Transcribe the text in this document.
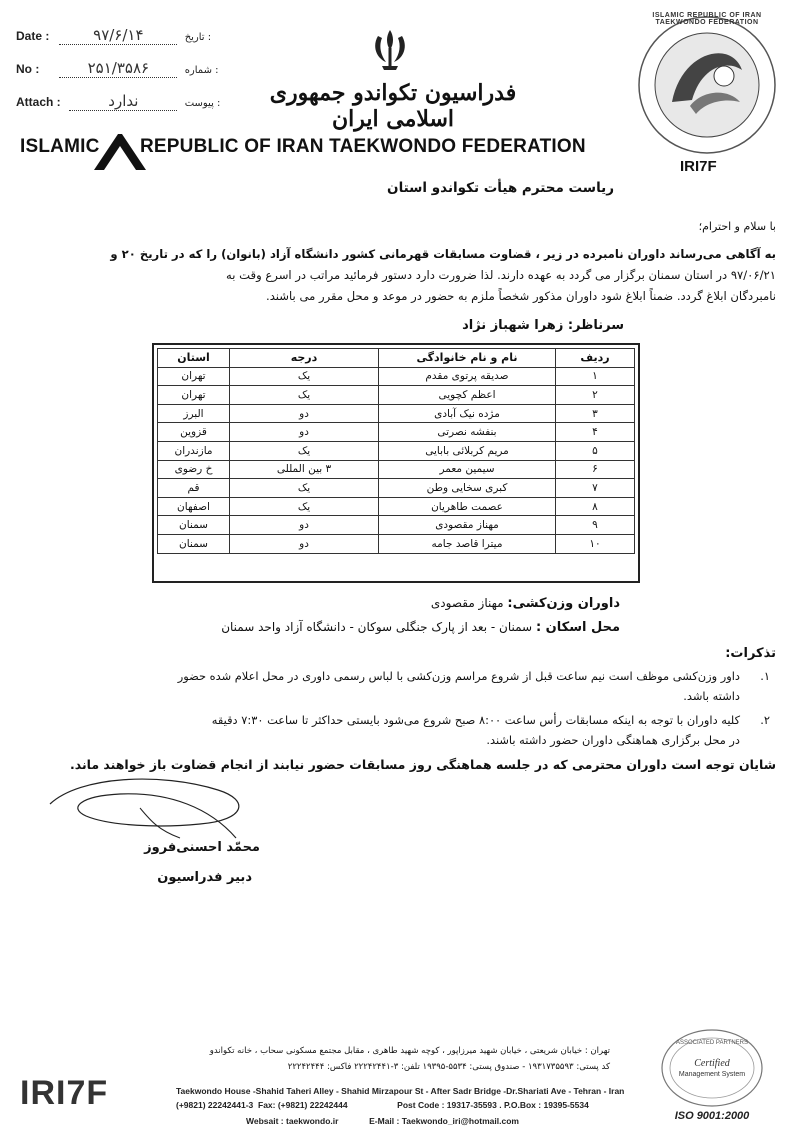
Date :	۹۷/۶/۱۴	تاریخ :
No :	۲۵۱/۳۵۸۶	شماره :
Attach :	ندارد	پیوست :	فدراسیون تکواندو جمهوری اسلامی ایران
ISLAMIC REPUBLIC OF IRAN TAEKWONDO FEDERATION
ISLAMIC REPUBLIC OF IRAN TAEKWONDO FEDERATION
IRI7F
ریاست محترم هیأت تکواندو استان
با سلام و احترام؛
به آگاهی می‌رساند داوران نامبرده در زیر ، قضاوت مسابقات قهرمانی کشور دانشگاه آزاد (بانوان) را که در تاریخ ۲۰ و
۹۷/۰۶/۲۱ در استان سمنان برگزار می گردد به عهده دارند. لذا ضرورت دارد دستور فرمائید مراتب در اسرع وقت به
نامبردگان ابلاغ گردد. ضمناً ابلاغ شود داوران مذکور شخصاً ملزم به حضور در موعد و محل مقرر می باشند.
سرناظر: زهرا شهباز نژاد
ردیف	نام و نام خانوادگی	درجه	استان
۱	صدیقه پرتوی مقدم	یک	تهران
۲	اعظم کچویی	یک	تهران
۳	مژده نیک آبادی	دو	البرز
۴	بنفشه نصرتی	دو	قزوین
۵	مریم کربلائی بابایی	یک	مازندران
۶	سیمین معمر	۳ بین المللی	خ رضوی
۷	کبری سخایی وطن	یک	قم
۸	عصمت طاهریان	یک	اصفهان
۹	مهناز مقصودی	دو	سمنان
۱۰	میترا قاصد جامه	دو	سمنان
داوران وزن‌کشی: مهناز مقصودی
محل اسکان : سمنان - بعد از پارک جنگلی سوکان - دانشگاه آزاد واحد سمنان
تذکرات:
۱.داور وزن‌کشی موظف است نیم ساعت قبل از شروع مراسم وزن‌کشی با لباس رسمی داوری در محل اعلام شده حضور
داشته باشد.
۲.کلیه داوران با توجه به اینکه مسابقات رأس ساعت ۸:۰۰ صبح شروع می‌شود بایستی حداکثر تا ساعت ۷:۳۰ دقیقه
در محل برگزاری هماهنگی داوران حضور داشته باشند.
شایان توجه است داوران محترمی که در جلسه هماهنگی روز مسابقات حضور نیابند از انجام قضاوت باز خواهند ماند.
محمّد احسنی‌فروز
دبیر فدراسیون
تهران : خیابان شریعتی ، خیابان شهید میرزاپور ، کوچه شهید طاهری ، مقابل مجتمع مسکونی سحاب ، خانه تکواندو
کد پستی: ۱۹۳۱۷۳۵۵۹۳ - صندوق پستی: ۵۵۳۴-۱۹۳۹۵ تلفن: ۳-۲۲۲۴۲۴۴۱ فاکس: ۲۲۲۴۲۴۴۴
IRI7F	Taekwondo House -Shahid Taheri Alley - Shahid Mirzapour St - After Sadr Bridge -Dr.Shariati Ave - Tehran - Iran
(+9821) 22242441-3 Fax: (+9821) 22242444	Post Code : 19317-35593 . P.O.Box : 19395-5534
Websait : taekwondo.ir	E-Mail : Taekwondo_iri@hotmail.com
ASSOCIATED PARTNERS
Certified
Management System
ISO 9001:2000
